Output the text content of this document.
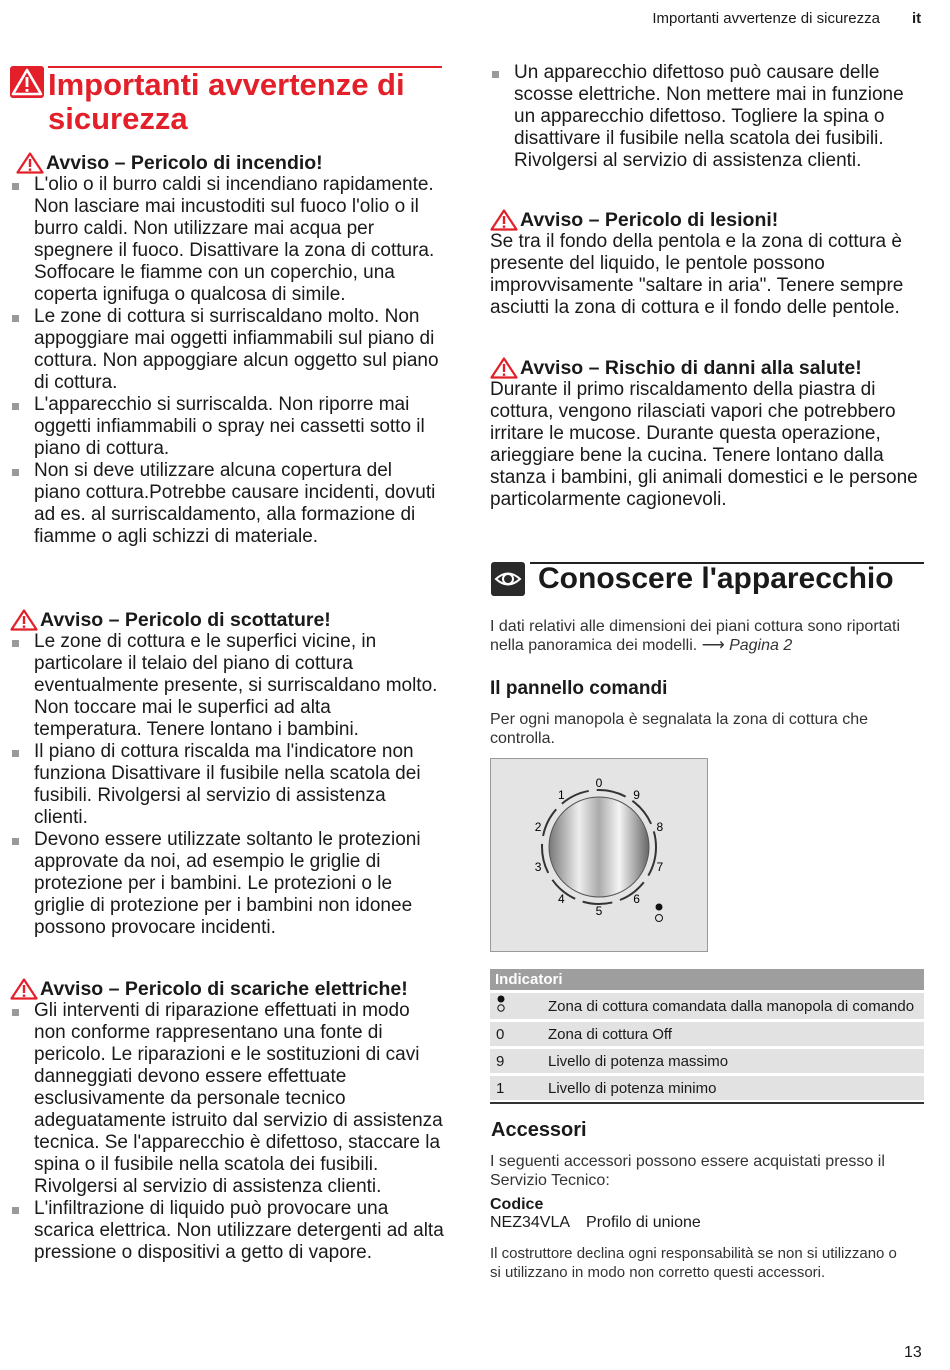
Importanti avvertenze di sicurezza it
Importanti avvertenze di sicurezza
Avviso – Pericolo di incendio!
L'olio o il burro caldi si incendiano rapidamente. Non lasciare mai incustoditi sul fuoco l'olio o il burro caldi. Non utilizzare mai acqua per spegnere il fuoco. Disattivare la zona di cottura. Soffocare le fiamme con un coperchio, una coperta ignifuga o qualcosa di simile.
Le zone di cottura si surriscaldano molto. Non appoggiare mai oggetti infiammabili sul piano di cottura. Non appoggiare alcun oggetto sul piano di cottura.
L'apparecchio si surriscalda. Non riporre mai oggetti infiammabili o spray nei cassetti sotto il piano di cottura.
Non si deve utilizzare alcuna copertura del piano cottura.Potrebbe causare incidenti, dovuti ad es. al surriscaldamento, alla formazione di fiamme o agli schizzi di materiale.
Avviso – Pericolo di scottature!
Le zone di cottura e le superfici vicine, in particolare il telaio del piano di cottura eventualmente presente, si surriscaldano molto. Non toccare mai le superfici ad alta temperatura. Tenere lontano i bambini.
Il piano di cottura riscalda ma l'indicatore non funziona Disattivare il fusibile nella scatola dei fusibili. Rivolgersi al servizio di assistenza clienti.
Devono essere utilizzate soltanto le protezioni approvate da noi, ad esempio le griglie di protezione per i bambini. Le protezioni o le griglie di protezione per i bambini non idonee possono provocare incidenti.
Avviso – Pericolo di scariche elettriche!
Gli interventi di riparazione effettuati in modo non conforme rappresentano una fonte di pericolo. Le riparazioni e le sostituzioni di cavi danneggiati devono essere effettuate esclusivamente da personale tecnico adeguatamente istruito dal servizio di assistenza tecnica. Se l'apparecchio è difettoso, staccare la spina o il fusibile nella scatola dei fusibili. Rivolgersi al servizio di assistenza clienti.
L'infiltrazione di liquido può provocare una scarica elettrica. Non utilizzare detergenti ad alta pressione o dispositivi a getto di vapore.
Un apparecchio difettoso può causare delle scosse elettriche. Non mettere mai in funzione un apparecchio difettoso. Togliere la spina o disattivare il fusibile nella scatola dei fusibili. Rivolgersi al servizio di assistenza clienti.
Avviso – Pericolo di lesioni!

Se tra il fondo della pentola e la zona di cottura è presente del liquido, le pentole possono improvvisamente "saltare in aria". Tenere sempre asciutti la zona di cottura e il fondo delle pentole.

Avviso – Rischio di danni alla salute!

Durante il primo riscaldamento della piastra di cottura, vengono rilasciati vapori che potrebbero irritare le mucose. Durante questa operazione, arieggiare bene la cucina. Tenere lontano dalla stanza i bambini, gli animali domestici e le persone particolarmente cagionevoli.

Conoscere l'apparecchio

I dati relativi alle dimensioni dei piani cottura sono riportati nella panoramica dei modelli. ⟶ Pagina 2

Il pannello comandi

Per ogni manopola è segnalata la zona di cottura che controlla.

0
1
2
3
4
5
6
7
8
9
Indicatori	
	Zona di cottura comandata dalla manopola di comando
0	Zona di cottura Off
9	Livello di potenza massimo
1	Livello di potenza minimo
Accessori

I seguenti accessori possono essere acquistati presso il Servizio Tecnico:

Codice
NEZ34VLA Profilo di unione

Il costruttore declina ogni responsabilità se non si utilizzano o si utilizzano in modo non corretto questi accessori.

13
